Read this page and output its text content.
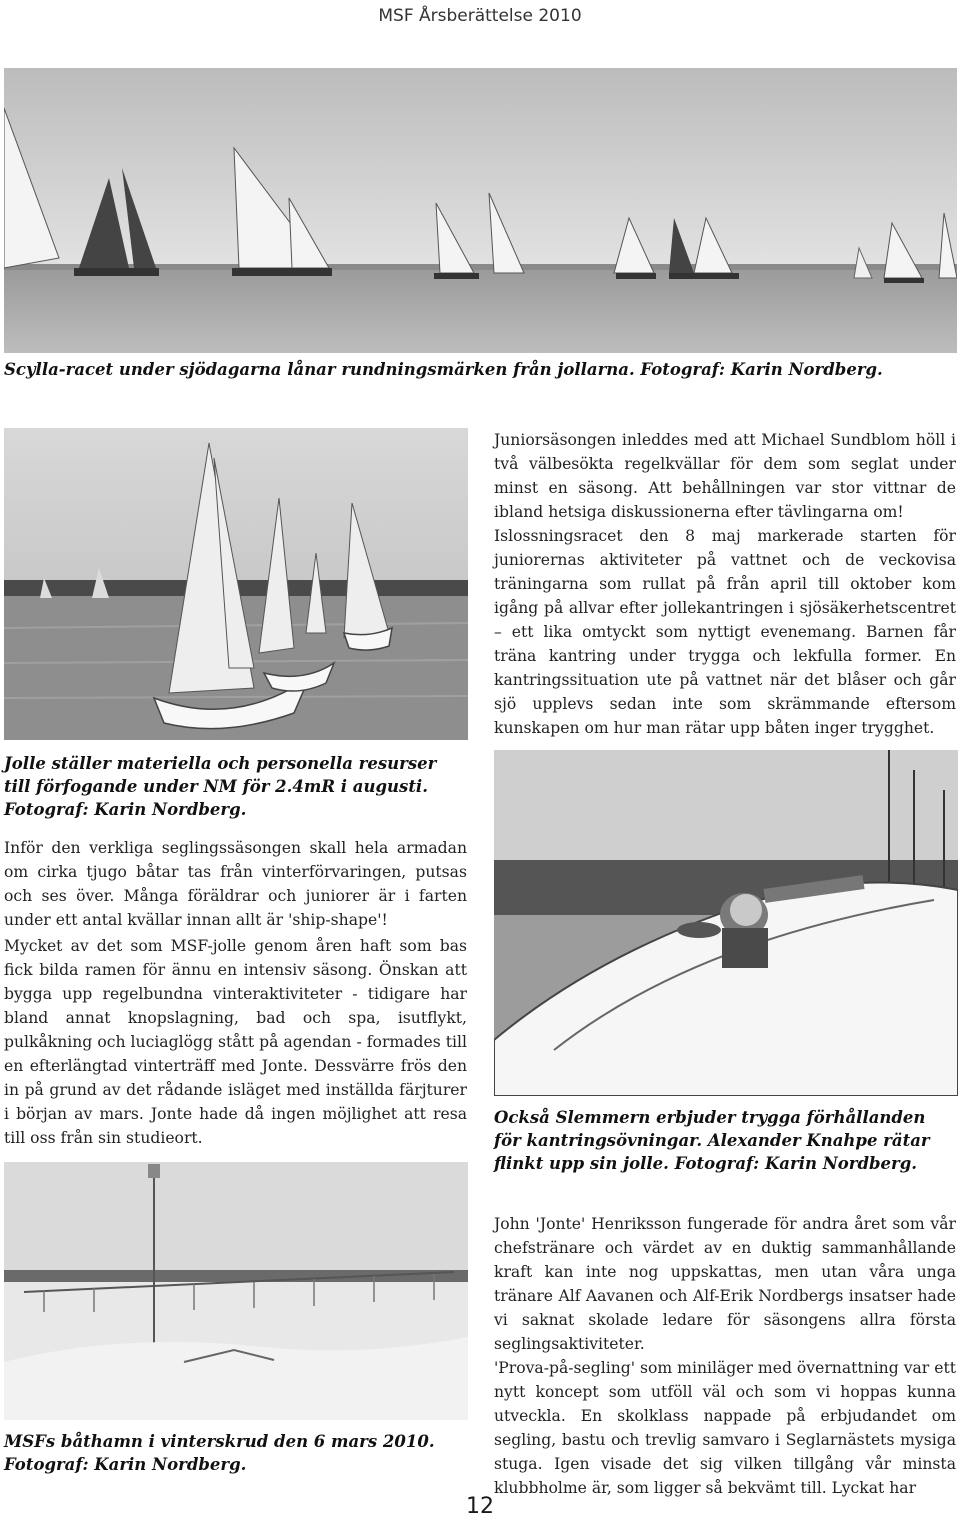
MSF Årsberättelse 2010
Scylla-racet under sjödagarna lånar rundningsmärken från jollarna. Fotograf: Karin Nordberg.
Jolle ställer materiella och personella resurser till förfogande under NM för 2.4mR i augusti. Fotograf: Karin Nordberg.

Inför den verkliga seglingssäsongen skall hela armadan om cirka tjugo båtar tas från vinterförvaringen, putsas och ses över. Många föräldrar och juniorer är i farten under ett antal kvällar innan allt är 'ship-shape'!

Mycket av det som MSF-jolle genom åren haft som bas fick bilda ramen för ännu en intensiv säsong. Önskan att bygga upp regelbundna vinteraktiviteter - tidigare har bland annat knopslagning, bad och spa, isutflykt, pulkåkning och luciaglögg stått på agendan - formades till en efterlängtad vinterträff med Jonte. Dessvärre frös den in på grund av det rådande isläget med inställda färjturer i början av mars. Jonte hade då ingen möjlighet att resa till oss från sin studieort.

Juniorsäsongen inleddes med att Michael Sundblom höll i två välbesökta regelkvällar för dem som seglat under minst en säsong. Att behållningen var stor vittnar de ibland hetsiga diskussionerna efter tävlingarna om!

Islossningsracet den 8 maj markerade starten för juniorernas aktiviteter på vattnet och de veckovisa träningarna som rullat på från april till oktober kom igång på allvar efter jollekantringen i sjösäkerhetscentret – ett lika omtyckt som nyttigt evenemang. Barnen får träna kantring under trygga och lekfulla former. En kantringssituation ute på vattnet när det blåser och går sjö upplevs sedan inte som skrämmande eftersom kunskapen om hur man rätar upp båten inger trygghet.

Också Slemmern erbjuder trygga förhållanden för kantringsövningar. Alexander Knahpe rätar flinkt upp sin jolle. Fotograf: Karin Nordberg.
MSFs båthamn i vinterskrud den 6 mars 2010. Fotograf: Karin Nordberg.

John 'Jonte' Henriksson fungerade för andra året som vår chefstränare och värdet av en duktig sammanhållande kraft kan inte nog uppskattas, men utan våra unga tränare Alf Aavanen och Alf-Erik Nordbergs insatser hade vi saknat skolade ledare för säsongens allra första seglingsaktiviteter.

'Prova-på-segling' som miniläger med övernattning var ett nytt koncept som utföll väl och som vi hoppas kunna utveckla. En skolklass nappade på erbjudandet om segling, bastu och trevlig samvaro i Seglarnästets mysiga stuga. Igen visade det sig vilken tillgång vår minsta klubbholme är, som ligger så bekvämt till. Lyckat har

12
